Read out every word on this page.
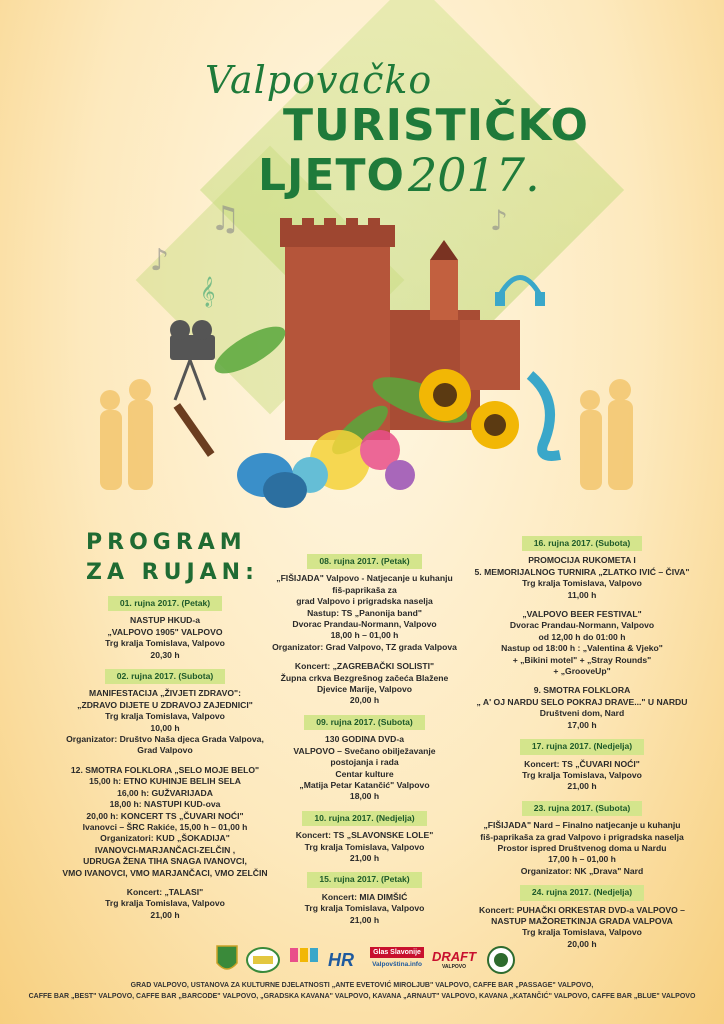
♪
♫	♪
𝄞
Valpovačko
TURISTIČKO
LJETO 2017.
PROGRAM
ZA RUJAN:
01. rujna 2017. (Petak)
NASTUP HKUD-a
„VALPOVO 1905" VALPOVO
Trg kralja Tomislava, Valpovo
20,30 h
02. rujna 2017. (Subota)
MANIFESTACIJA „ŽIVJETI ZDRAVO":
„ZDRAVO DIJETE U ZDRAVOJ ZAJEDNICI"
Trg kralja Tomislava, Valpovo
10,00 h
Organizator: Društvo Naša djeca Grada Valpova,
Grad Valpovo
12. SMOTRA FOLKLORA „SELO MOJE BELO"
15,00 h: ETNO KUHINJE BELIH SELA
16,00 h: GUŽVARIJADA
18,00 h: NASTUPI KUD-ova
20,00 h: KONCERT TS „ČUVARI NOĆI"
Ivanovci – ŠRC Rakiće, 15,00 h – 01,00 h
Organizatori: KUD „ŠOKADIJA"
IVANOVCI-MARJANČACI-ZELČIN ,
UDRUGA ŽENA TIHA SNAGA IVANOVCI,
VMO IVANOVCI, VMO MARJANČACI, VMO ZELČIN
Koncert: „TALASI"
Trg kralja Tomislava, Valpovo
21,00 h
08. rujna 2017. (Petak)
„FIŠIJADA" Valpovo - Natjecanje u kuhanju
fiš-paprikaša za
grad Valpovo i prigradska naselja
Nastup: TS „Panonija band"
Dvorac Prandau-Normann, Valpovo
18,00 h – 01,00 h
Organizator: Grad Valpovo, TZ grada Valpova
Koncert: „ZAGREBAČKI SOLISTI"
Župna crkva Bezgrešnog začeća Blažene
Djevice Marije, Valpovo
20,00 h
09. rujna 2017. (Subota)
130 GODINA DVD-a
VALPOVO – Svečano obilježavanje
postojanja i rada
Centar kulture
„Matija Petar Katančić" Valpovo
18,00 h
10. rujna 2017. (Nedjelja)
Koncert: TS „SLAVONSKE LOLE"
Trg kralja Tomislava, Valpovo
21,00 h
15. rujna 2017. (Petak)
Koncert: MIA DIMŠIĆ
Trg kralja Tomislava, Valpovo
21,00 h
16. rujna 2017. (Subota)
PROMOCIJA RUKOMETA I
5. MEMORIJALNOG TURNIRA „ZLATKO IVIĆ – ČIVA"
Trg kralja Tomislava, Valpovo
11,00 h
„VALPOVO BEER FESTIVAL"
Dvorac Prandau-Normann, Valpovo
od 12,00 h do 01:00 h
Nastup od 18:00 h : „Valentina & Vjeko"
+ „Bikini motel" + „Stray Rounds"
+ „GrooveUp"
9. SMOTRA FOLKLORA
„ A' OJ NARDU SELO POKRAJ DRAVE..." U NARDU
Društveni dom, Nard
17,00 h
17. rujna 2017. (Nedjelja)
Koncert: TS „ČUVARI NOĆI"
Trg kralja Tomislava, Valpovo
21,00 h
23. rujna 2017. (Subota)
„FIŠIJADA" Nard – Finalno natjecanje u kuhanju
fiš-paprikaša za grad Valpovo i prigradska naselja
Prostor ispred Društvenog doma u Nardu
17,00 h – 01,00 h
Organizator: NK „Drava" Nard
24. rujna 2017. (Nedjelja)
Koncert: PUHAČKI ORKESTAR DVD-a VALPOVO –
NASTUP MAŽORETKINJA GRADA VALPOVA
Trg kralja Tomislava, Valpovo
20,00 h
HR	Glas Slavonije
Valpovština.info
DRAFT
VALPOVO
GRAD VALPOVO, USTANOVA ZA KULTURNE DJELATNOSTI „ANTE EVETOVIĆ MIROLJUB" VALPOVO, CAFFE BAR „PASSAGE" VALPOVO,
CAFFE BAR „BEST" VALPOVO, CAFFE BAR „BARCODE" VALPOVO, „GRADSKA KAVANA" VALPOVO, KAVANA „ARNAUT" VALPOVO, KAVANA „KATANČIĆ" VALPOVO, CAFFE BAR „BLUE" VALPOVO
